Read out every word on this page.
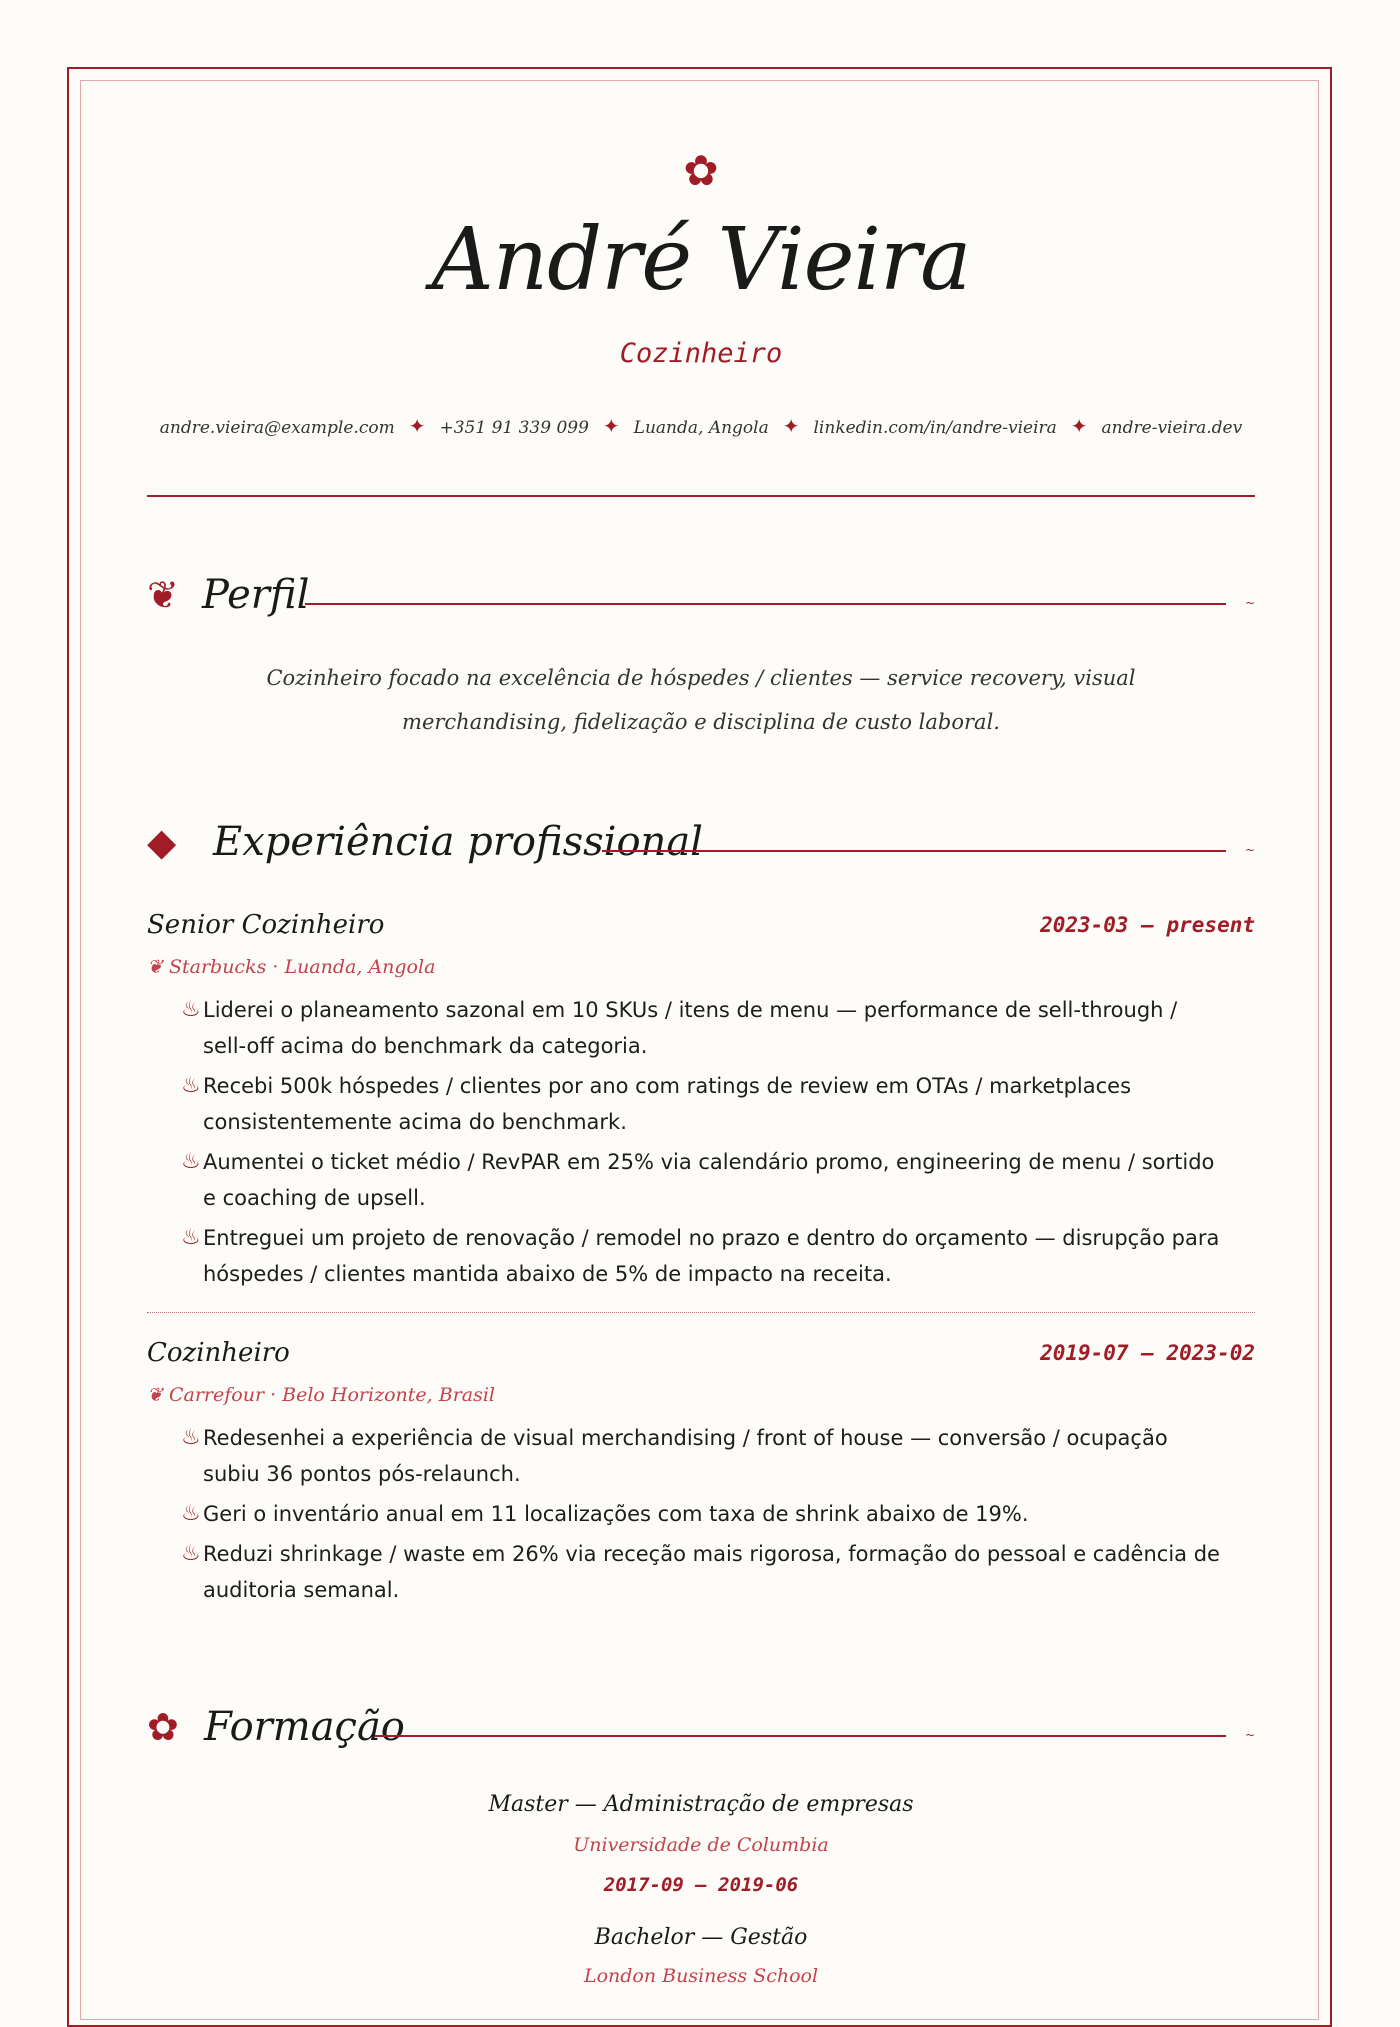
✿
André Vieira
Cozinheiro
andre.vieira@example.com ✦ +351 91 339 099 ✦ Luanda, Angola ✦ linkedin.com/in/andre-vieira ✦ andre-vieira.dev
❦ Perfil	~
Cozinheiro focado na excelência de hóspedes / clientes — service recovery, visual merchandising, fidelização e disciplina de custo laboral.
◆ Experiência profissional	~
Senior Cozinheiro	2023-03 — present
❦ Starbucks · Luanda, Angola
♨ Liderei o planeamento sazonal em 10 SKUs / itens de menu — performance de sell-through / sell-off acima do benchmark da categoria.
♨ Recebi 500k hóspedes / clientes por ano com ratings de review em OTAs / marketplaces consistentemente acima do benchmark.
♨ Aumentei o ticket médio / RevPAR em 25% via calendário promo, engineering de menu / sortido e coaching de upsell.
♨ Entreguei um projeto de renovação / remodel no prazo e dentro do orçamento — disrupção para hóspedes / clientes mantida abaixo de 5% de impacto na receita.
Cozinheiro	2019-07 — 2023-02
❦ Carrefour · Belo Horizonte, Brasil
♨ Redesenhei a experiência de visual merchandising / front of house — conversão / ocupação subiu 36 pontos pós-relaunch.
♨ Geri o inventário anual em 11 localizações com taxa de shrink abaixo de 19%.
♨ Reduzi shrinkage / waste em 26% via receção mais rigorosa, formação do pessoal e cadência de auditoria semanal.
✿ Formação	~
Master — Administração de empresas
Universidade de Columbia
2017-09 – 2019-06
Bachelor — Gestão
London Business School
